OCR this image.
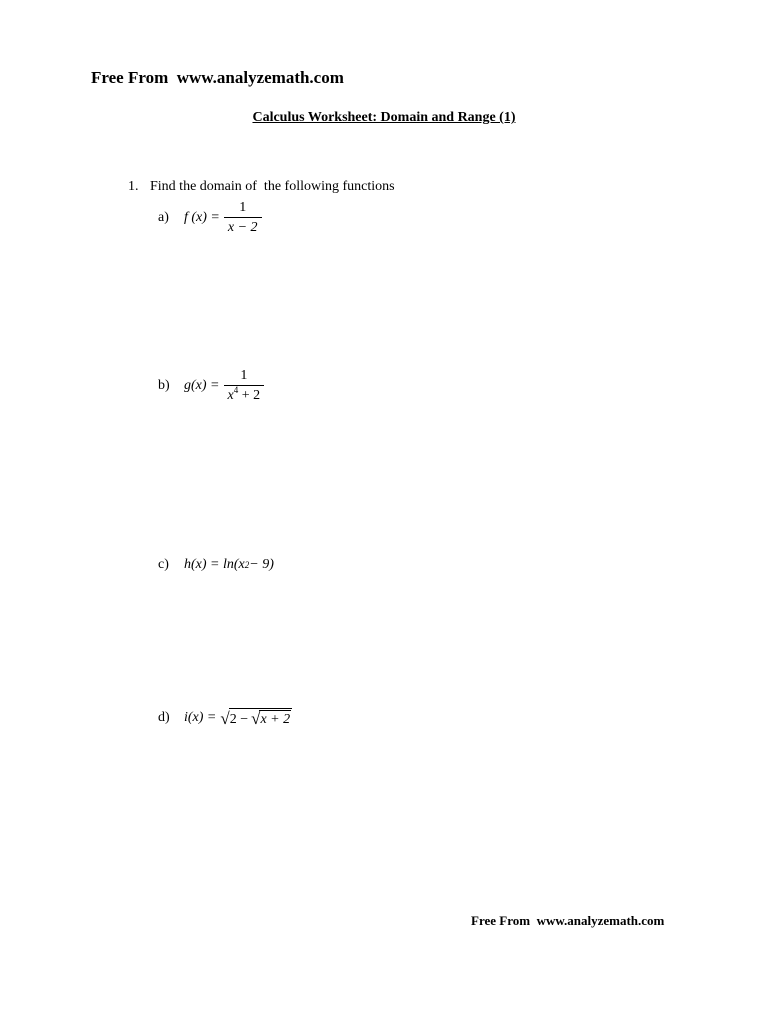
Free From  www.analyzemath.com
Calculus Worksheet: Domain and Range (1)

1. Find the domain of  the following functions

a)	f $(x) = \frac{1}{x - 2}$
b)	$g(x) = \frac{1}{x^4 + 2}$
c)	h(x) = ln(x 2 − 9)
d)	i(x) = √ 2 − √ x + 2
Free From  www.analyzemath.com
